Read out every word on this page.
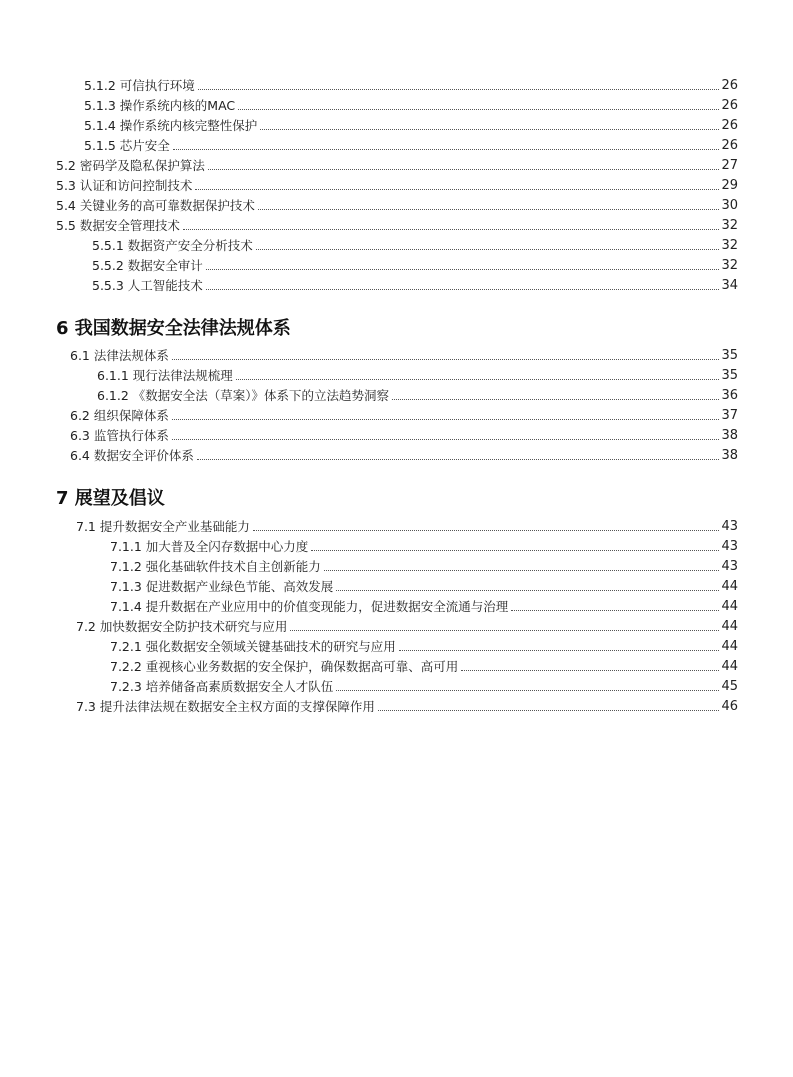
5.1.2 可信执行环境	26
5.1.3 操作系统内核的MAC	26
5.1.4 操作系统内核完整性保护	26
5.1.5 芯片安全	26
5.2 密码学及隐私保护算法	27
5.3 认证和访问控制技术	29
5.4 关键业务的高可靠数据保护技术	30
5.5 数据安全管理技术	32
5.5.1 数据资产安全分析技术	32
5.5.2 数据安全审计	32
5.5.3 人工智能技术	34
6 我国数据安全法律法规体系
6.1 法律法规体系	35
6.1.1 现行法律法规梳理	35
6.1.2 《数据安全法（草案）》体系下的立法趋势洞察	36
6.2 组织保障体系	37
6.3 监管执行体系	38
6.4 数据安全评价体系	38
7 展望及倡议
7.1 提升数据安全产业基础能力	43
7.1.1 加大普及全闪存数据中心力度	43
7.1.2 强化基础软件技术自主创新能力	43
7.1.3 促进数据产业绿色节能、高效发展	44
7.1.4 提升数据在产业应用中的价值变现能力，促进数据安全流通与治理	44
7.2 加快数据安全防护技术研究与应用	44
7.2.1 强化数据安全领域关键基础技术的研究与应用	44
7.2.2 重视核心业务数据的安全保护，确保数据高可靠、高可用	44
7.2.3 培养储备高素质数据安全人才队伍	45
7.3 提升法律法规在数据安全主权方面的支撑保障作用	46
